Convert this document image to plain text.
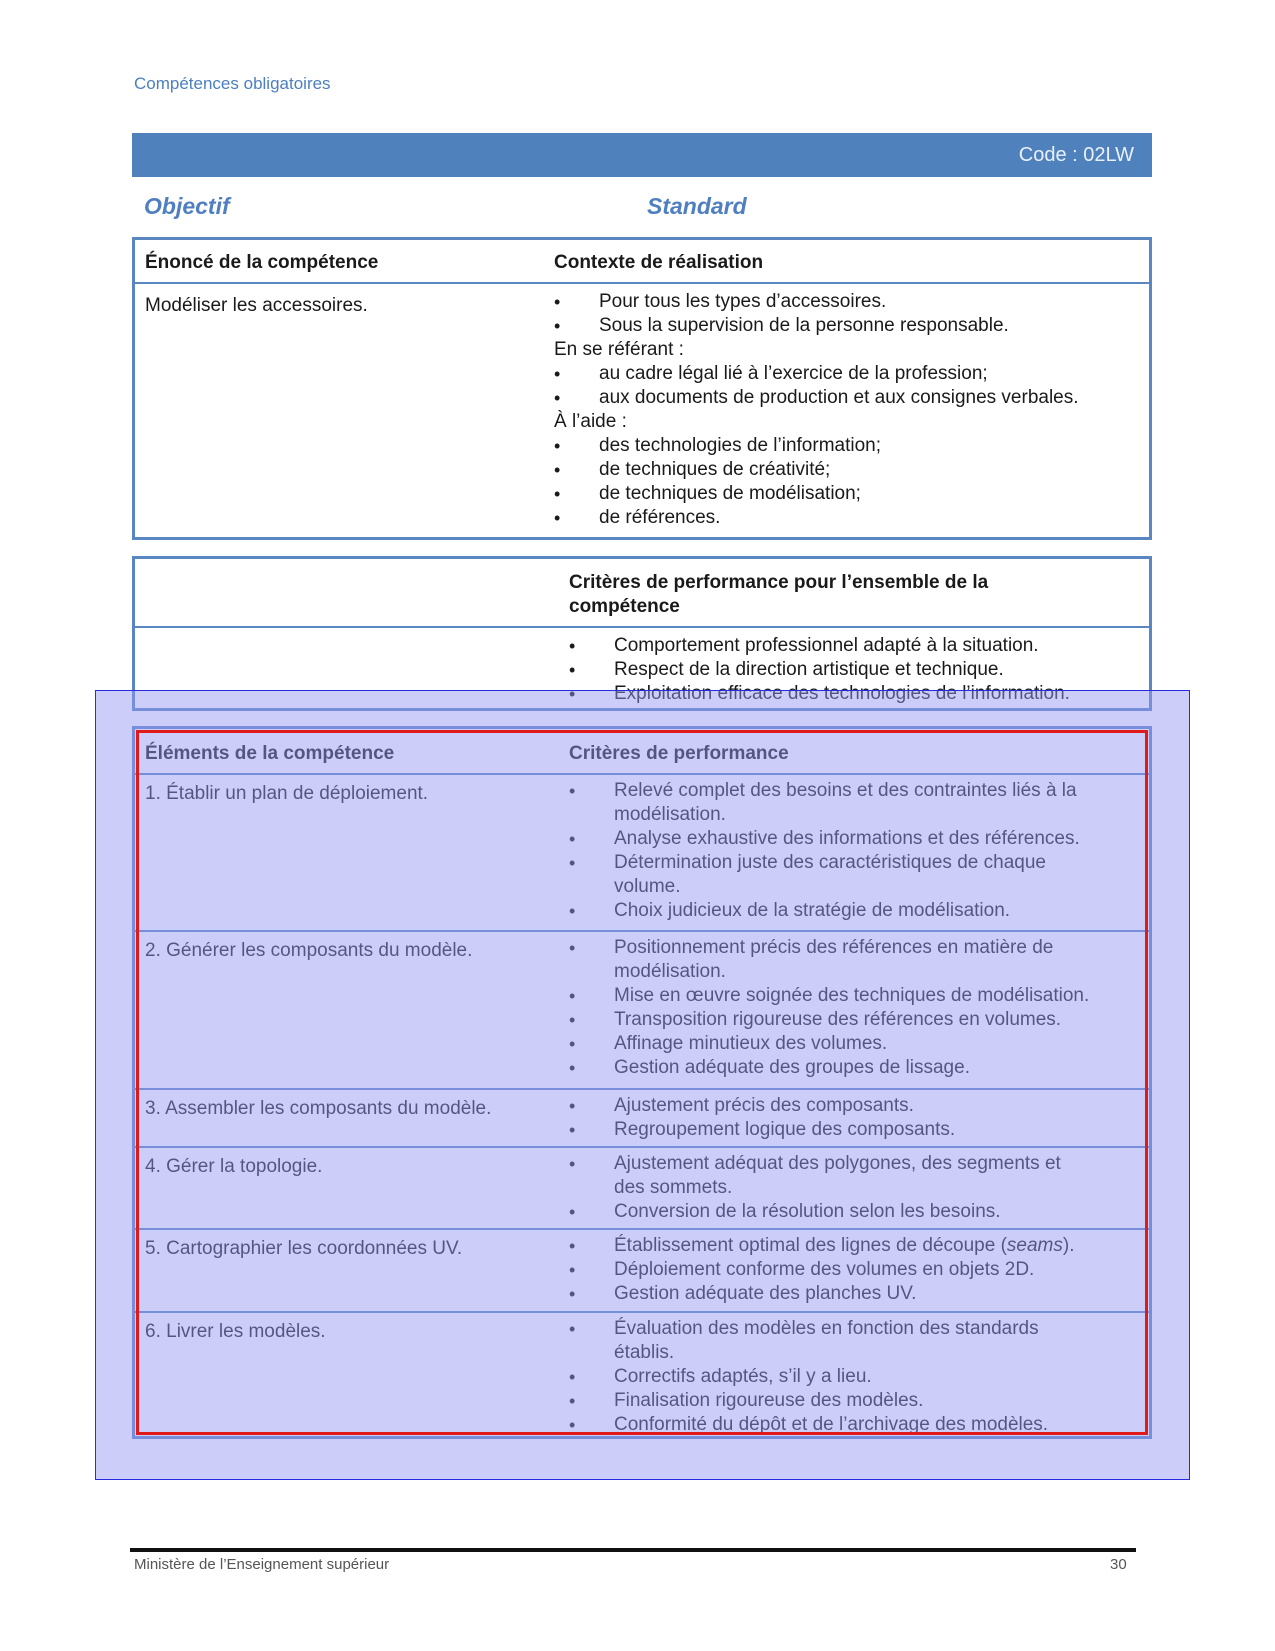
Compétences obligatoires
Code : 02LW
Objectif	Standard
Énoncé de la compétence	Contexte de réalisation
Modéliser les accessoires.	• Pour tous les types d’accessoires.
• Sous la supervision de la personne responsable.
En se référant :
• au cadre légal lié à l’exercice de la profession;
• aux documents de production et aux consignes verbales.
À l’aide :
• des technologies de l’information;
• de techniques de créativité;
• de techniques de modélisation;
• de références.
Critères de performance pour l’ensemble de la compétence
• Comportement professionnel adapté à la situation.
• Respect de la direction artistique et technique.
• Exploitation efficace des technologies de l’information.
Éléments de la compétence	Critères de performance
1. Établir un plan de déploiement.	• Relevé complet des besoins et des contraintes liés à la modélisation.
• Analyse exhaustive des informations et des références.
• Détermination juste des caractéristiques de chaque volume.
• Choix judicieux de la stratégie de modélisation.
2. Générer les composants du modèle.	• Positionnement précis des références en matière de modélisation.
• Mise en œuvre soignée des techniques de modélisation.
• Transposition rigoureuse des références en volumes.
• Affinage minutieux des volumes.
• Gestion adéquate des groupes de lissage.
3. Assembler les composants du modèle.	• Ajustement précis des composants.
• Regroupement logique des composants.
4. Gérer la topologie.	• Ajustement adéquat des polygones, des segments et des sommets.
• Conversion de la résolution selon les besoins.
5. Cartographier les coordonnées UV.	• Établissement optimal des lignes de découpe (seams).
• Déploiement conforme des volumes en objets 2D.
• Gestion adéquate des planches UV.
6. Livrer les modèles.	• Évaluation des modèles en fonction des standards établis.
• Correctifs adaptés, s’il y a lieu.
• Finalisation rigoureuse des modèles.
• Conformité du dépôt et de l’archivage des modèles.
Ministère de l’Enseignement supérieur	30
